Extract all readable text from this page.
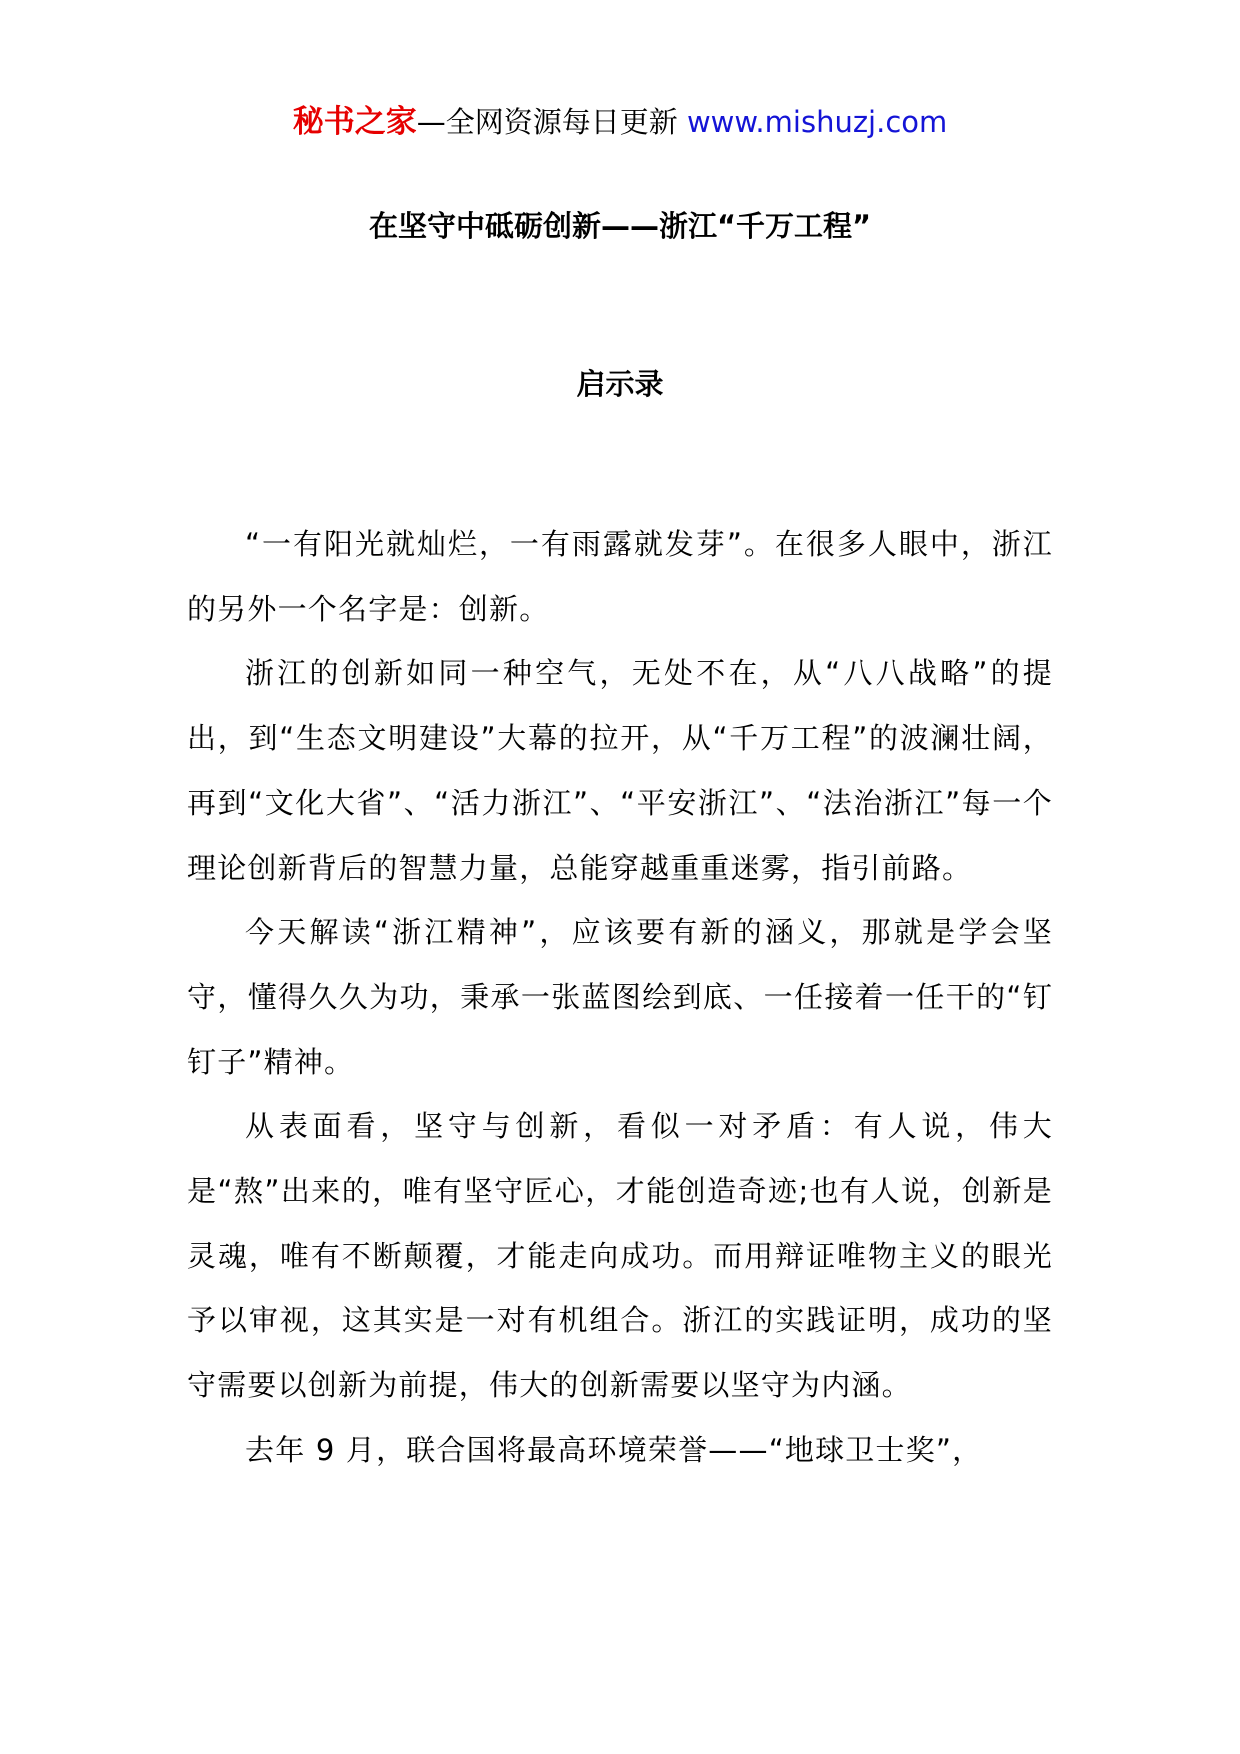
秘书之家—全网资源每日更新 www.mishuzj.com
在坚守中砥砺创新——浙江“千万工程”
启示录

“一有阳光就灿烂，一有雨露就发芽”。在很多人眼中，浙江的另外一个名字是：创新。

浙江的创新如同一种空气，无处不在，从“八八战略”的提出，到“生态文明建设”大幕的拉开，从“千万工程”的波澜壮阔，再到“文化大省”、“活力浙江”、“平安浙江”、“法治浙江”每一个理论创新背后的智慧力量，总能穿越重重迷雾，指引前路。

今天解读“浙江精神”，应该要有新的涵义，那就是学会坚守，懂得久久为功，秉承一张蓝图绘到底、一任接着一任干的“钉钉子”精神。

从表面看，坚守与创新，看似一对矛盾：有人说，伟大是“熬”出来的，唯有坚守匠心，才能创造奇迹;也有人说，创新是灵魂，唯有不断颠覆，才能走向成功。而用辩证唯物主义的眼光予以审视，这其实是一对有机组合。浙江的实践证明，成功的坚守需要以创新为前提，伟大的创新需要以坚守为内涵。

去年 9 月，联合国将最高环境荣誉——“地球卫士奖”，
